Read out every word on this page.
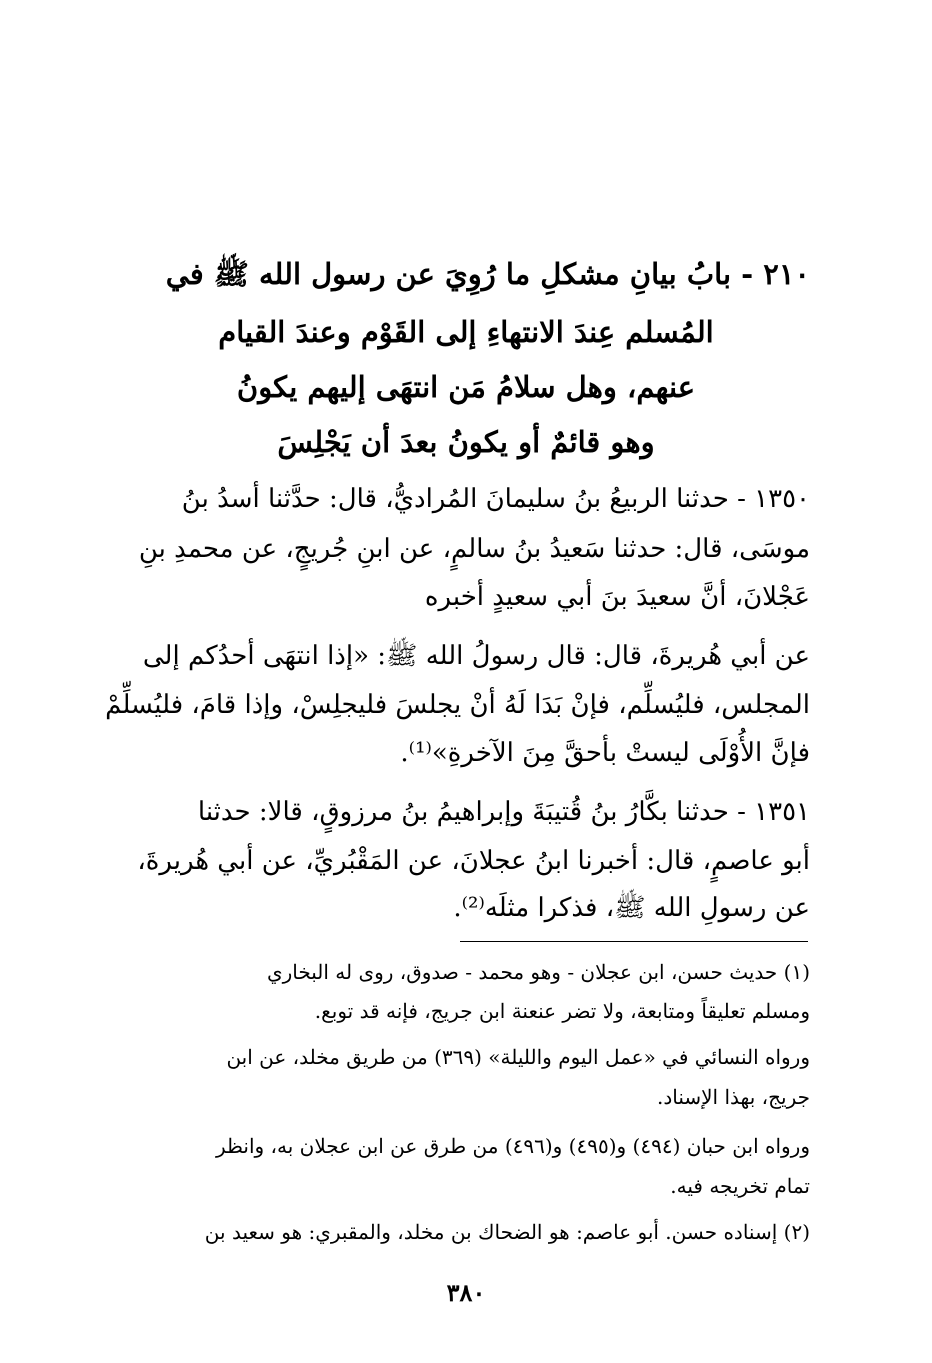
٢١٠ - بابُ بيانِ مشكلِ ما رُوِيَ عن رسول الله ﷺ في
المُسلم عِندَ الانتهاءِ إلى القَوْم وعندَ القيام
عنهم، وهل سلامُ مَن انتهَى إليهم يكونُ
وهو قائمٌ أو يكونُ بعدَ أن يَجْلِسَ
١٣٥٠ - حدثنا الربيعُ بنُ سليمانَ المُراديُّ، قال: حدَّثنا أسدُ بنُ
موسَى، قال: حدثنا سَعيدُ بنُ سالمٍ، عن ابنِ جُريجٍ، عن محمدِ بنِ
عَجْلانَ، أنَّ سعيدَ بنَ أبي سعيدٍ أخبره
عن أبي هُريرةَ، قال: قال رسولُ الله ﷺ: «إذا انتهَى أحدُكم إلى
المجلس، فليُسلِّم، فإنْ بَدَا لَهُ أنْ يجلسَ فليجلِسْ، وإذا قامَ، فليُسلِّمْ
فإنَّ الأُوْلَى ليستْ بأحقَّ مِنَ الآخرةِ»⁽¹⁾.
١٣٥١ - حدثنا بكَّارُ بنُ قُتيبَةَ وإبراهيمُ بنُ مرزوقٍ، قالا: حدثنا
أبو عاصمٍ، قال: أخبرنا ابنُ عجلانَ، عن المَقْبُريِّ، عن أبي هُريرةَ،
عن رسولِ الله ﷺ، فذكرا مثلَه⁽²⁾.
(١) حديث حسن، ابن عجلان - وهو محمد - صدوق، روى له البخاري
ومسلم تعليقاً ومتابعة، ولا تضر عنعنة ابن جريج، فإنه قد توبع.
ورواه النسائي في «عمل اليوم والليلة» (٣٦٩) من طريق مخلد، عن ابن
جريج، بهذا الإسناد.
ورواه ابن حبان (٤٩٤) و(٤٩٥) و(٤٩٦) من طرق عن ابن عجلان به، وانظر
تمام تخريجه فيه.
(٢) إسناده حسن. أبو عاصم: هو الضحاك بن مخلد، والمقبري: هو سعيد بن
٣٨٠
